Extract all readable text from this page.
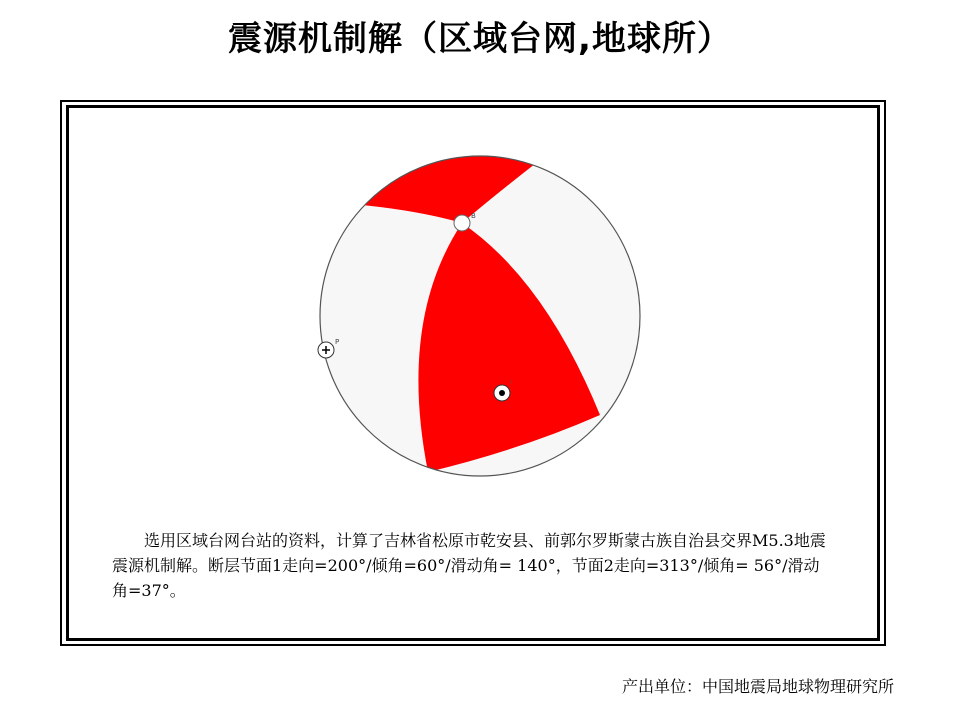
震源机制解（区域台网,地球所）
B
P
T

选用区域台网台站的资料，计算了吉林省松原市乾安县、前郭尔罗斯蒙古族自治县交界M5.3地震震源机制解。断层节面1走向=200°/倾角=60°/滑动角= 140°，节面2走向=313°/倾角= 56°/滑动角=37°。

产出单位：中国地震局地球物理研究所
